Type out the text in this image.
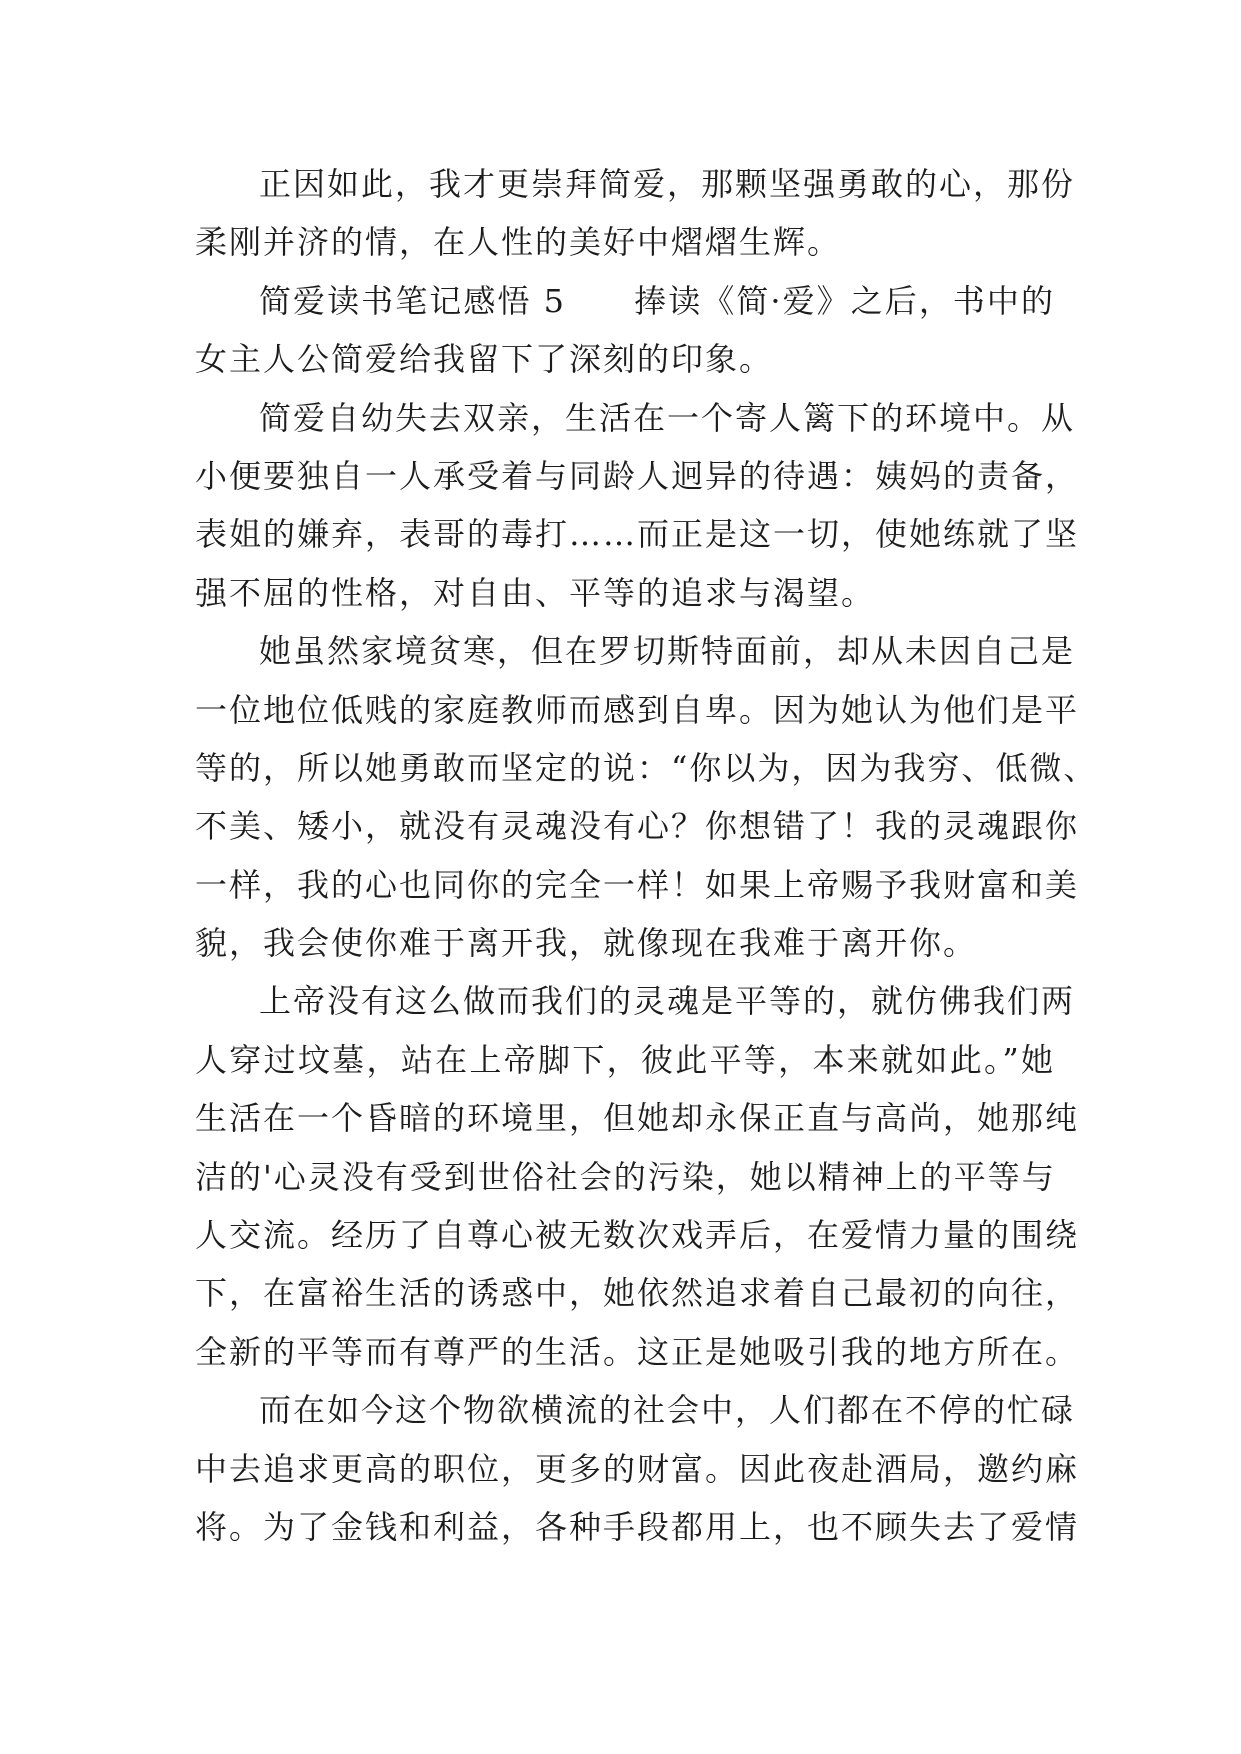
正因如此，我才更崇拜简爱，那颗坚强勇敢的心，那份
柔刚并济的情，在人性的美好中熠熠生辉。
简爱读书笔记感悟 5　　捧读《简·爱》之后，书中的
女主人公简爱给我留下了深刻的印象。
简爱自幼失去双亲，生活在一个寄人篱下的环境中。从
小便要独自一人承受着与同龄人迥异的待遇：姨妈的责备，
表姐的嫌弃，表哥的毒打……而正是这一切，使她练就了坚
强不屈的性格，对自由、平等的追求与渴望。
她虽然家境贫寒，但在罗切斯特面前，却从未因自己是
一位地位低贱的家庭教师而感到自卑。因为她认为他们是平
等的，所以她勇敢而坚定的说：“你以为，因为我穷、低微、
不美、矮小，就没有灵魂没有心？你想错了！我的灵魂跟你
一样，我的心也同你的完全一样！如果上帝赐予我财富和美
貌，我会使你难于离开我，就像现在我难于离开你。
上帝没有这么做而我们的灵魂是平等的，就仿佛我们两
人穿过坟墓，站在上帝脚下，彼此平等，本来就如此。”她
生活在一个昏暗的环境里，但她却永保正直与高尚，她那纯
洁的'心灵没有受到世俗社会的污染，她以精神上的平等与
人交流。经历了自尊心被无数次戏弄后，在爱情力量的围绕
下，在富裕生活的诱惑中，她依然追求着自己最初的向往，
全新的平等而有尊严的生活。这正是她吸引我的地方所在。
而在如今这个物欲横流的社会中，人们都在不停的忙碌
中去追求更高的职位，更多的财富。因此夜赴酒局，邀约麻
将。为了金钱和利益，各种手段都用上，也不顾失去了爱情
